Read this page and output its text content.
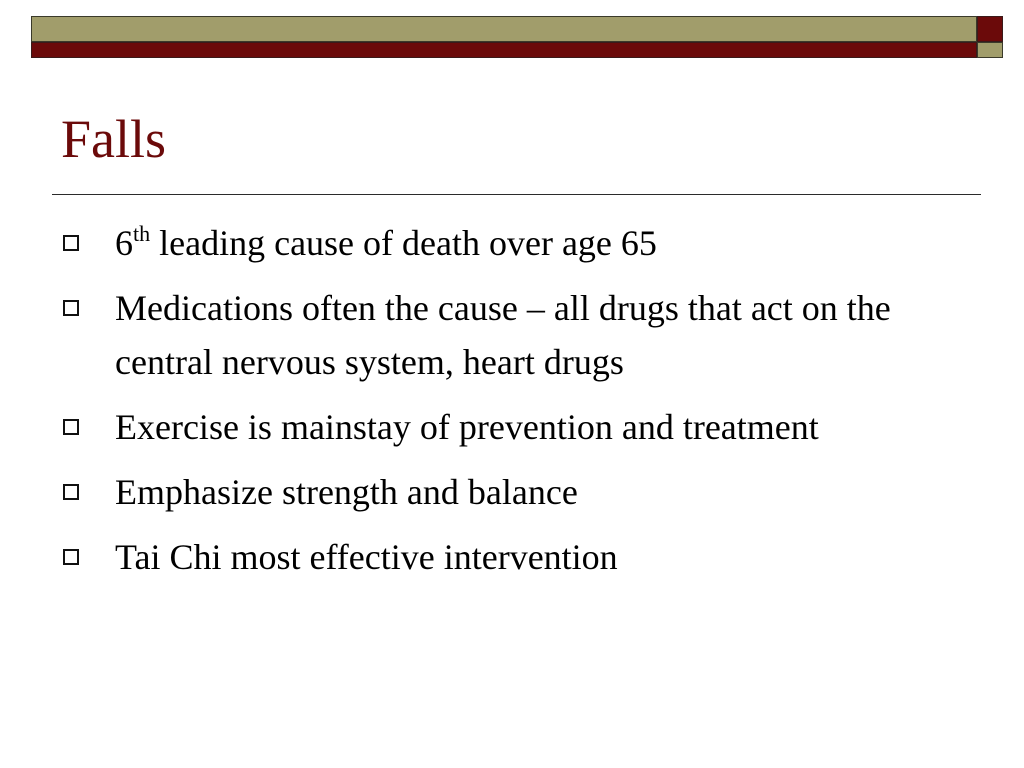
Falls
6th leading cause of death over age 65
Medications often the cause – all drugs that act on the central nervous system, heart drugs
Exercise is mainstay of prevention and treatment
Emphasize strength and balance
Tai Chi most effective intervention
